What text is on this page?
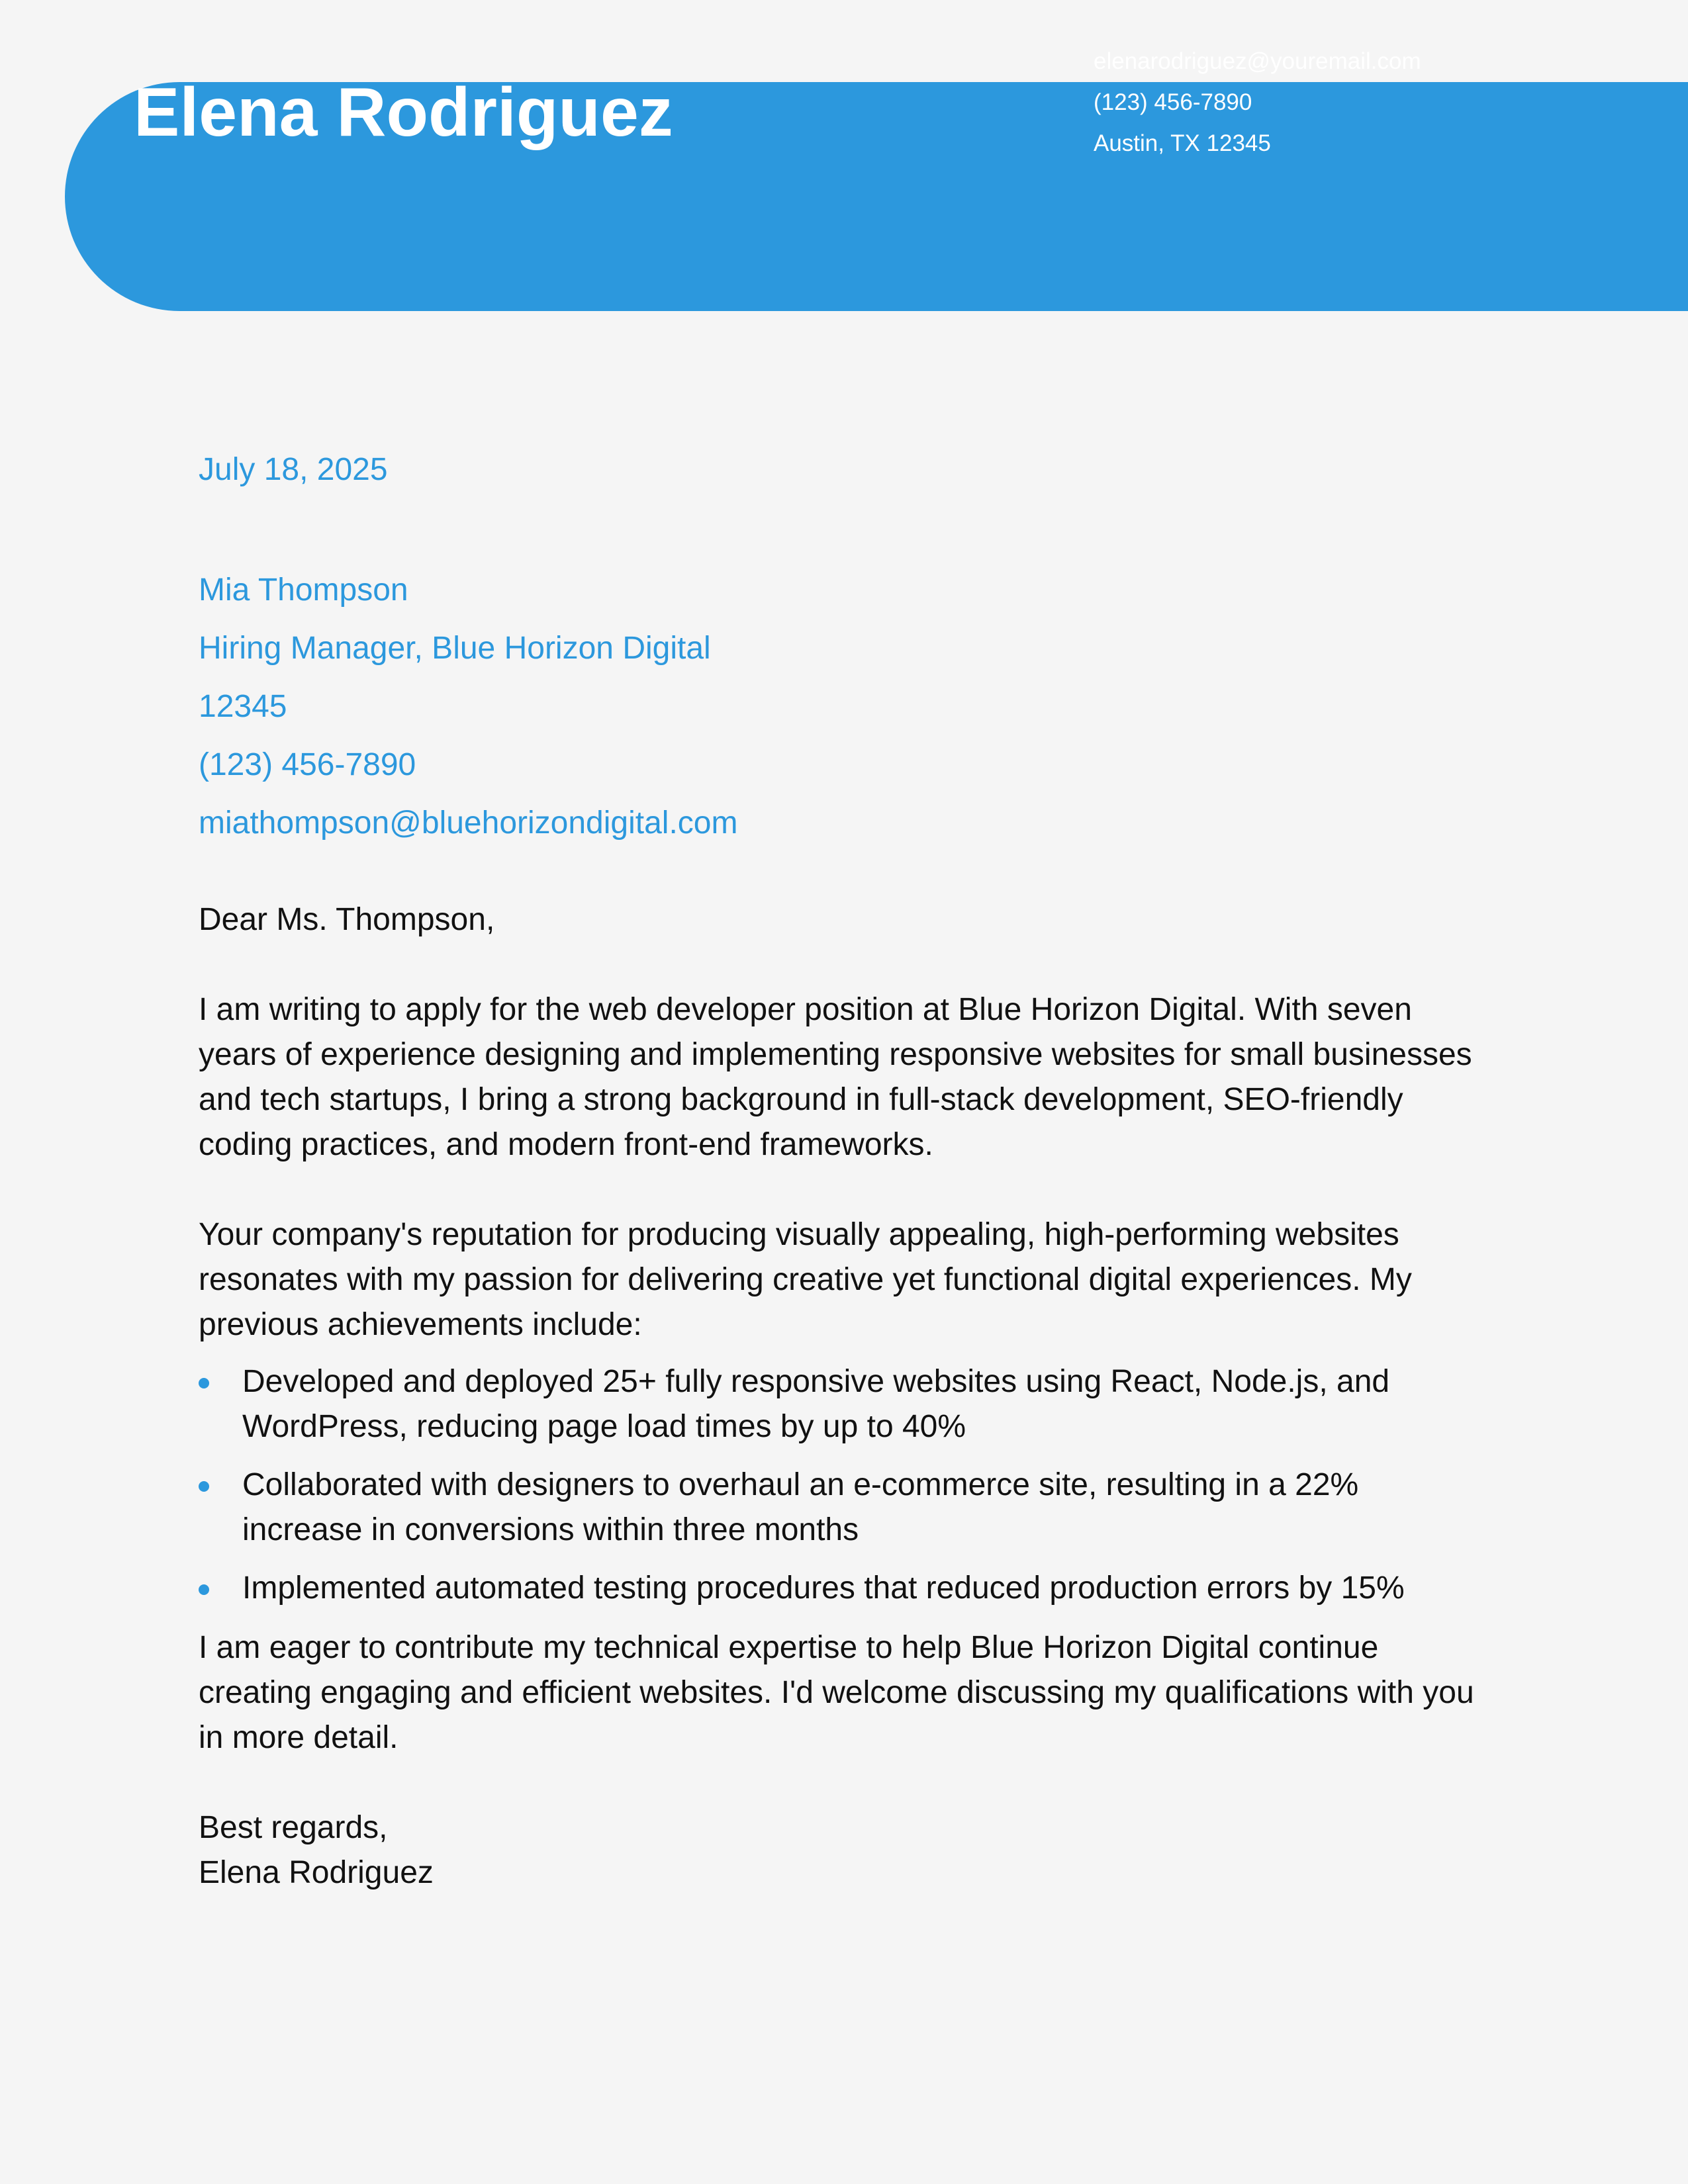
Elena Rodriguez
elenarodriguez@youremail.com
(123) 456-7890
Austin, TX 12345
July 18, 2025
Mia Thompson
Hiring Manager, Blue Horizon Digital
12345
(123) 456-7890
miathompson@bluehorizondigital.com

Dear Ms. Thompson,

I am writing to apply for the web developer position at Blue Horizon Digital. With seven years of experience designing and implementing responsive websites for small businesses and tech startups, I bring a strong background in full-stack development, SEO-friendly coding practices, and modern front-end frameworks.

Your company's reputation for producing visually appealing, high-performing websites resonates with my passion for delivering creative yet functional digital experiences. My previous achievements include:

Developed and deployed 25+ fully responsive websites using React, Node.js, and WordPress, reducing page load times by up to 40%
Collaborated with designers to overhaul an e-commerce site, resulting in a 22% increase in conversions within three months
Implemented automated testing procedures that reduced production errors by 15%

I am eager to contribute my technical expertise to help Blue Horizon Digital continue creating engaging and efficient websites. I'd welcome discussing my qualifications with you in more detail.

Best regards,

Elena Rodriguez
